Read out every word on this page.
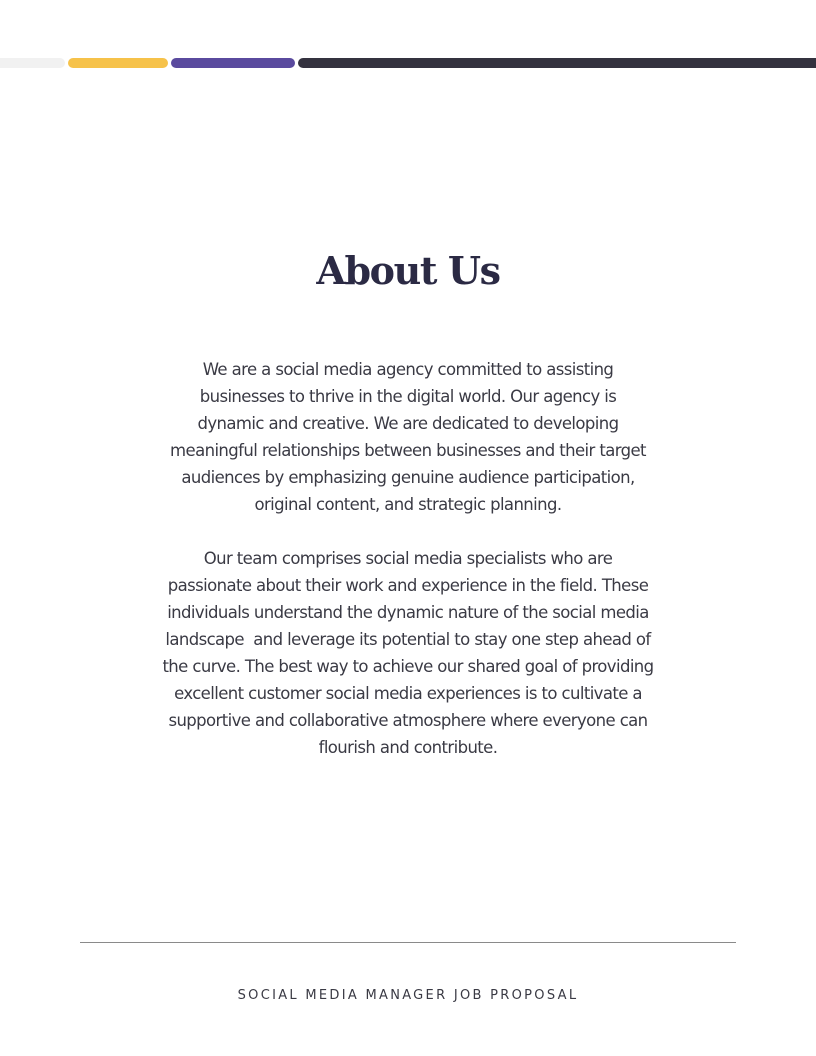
About Us
We are a social media agency committed to assisting
businesses to thrive in the digital world. Our agency is
dynamic and creative. We are dedicated to developing
meaningful relationships between businesses and their target
audiences by emphasizing genuine audience participation,
original content, and strategic planning.
Our team comprises social media specialists who are
passionate about their work and experience in the field. These
individuals understand the dynamic nature of the social media
landscape  and leverage its potential to stay one step ahead of
the curve. The best way to achieve our shared goal of providing
excellent customer social media experiences is to cultivate a
supportive and collaborative atmosphere where everyone can
flourish and contribute.
SOCIAL MEDIA MANAGER JOB PROPOSAL
